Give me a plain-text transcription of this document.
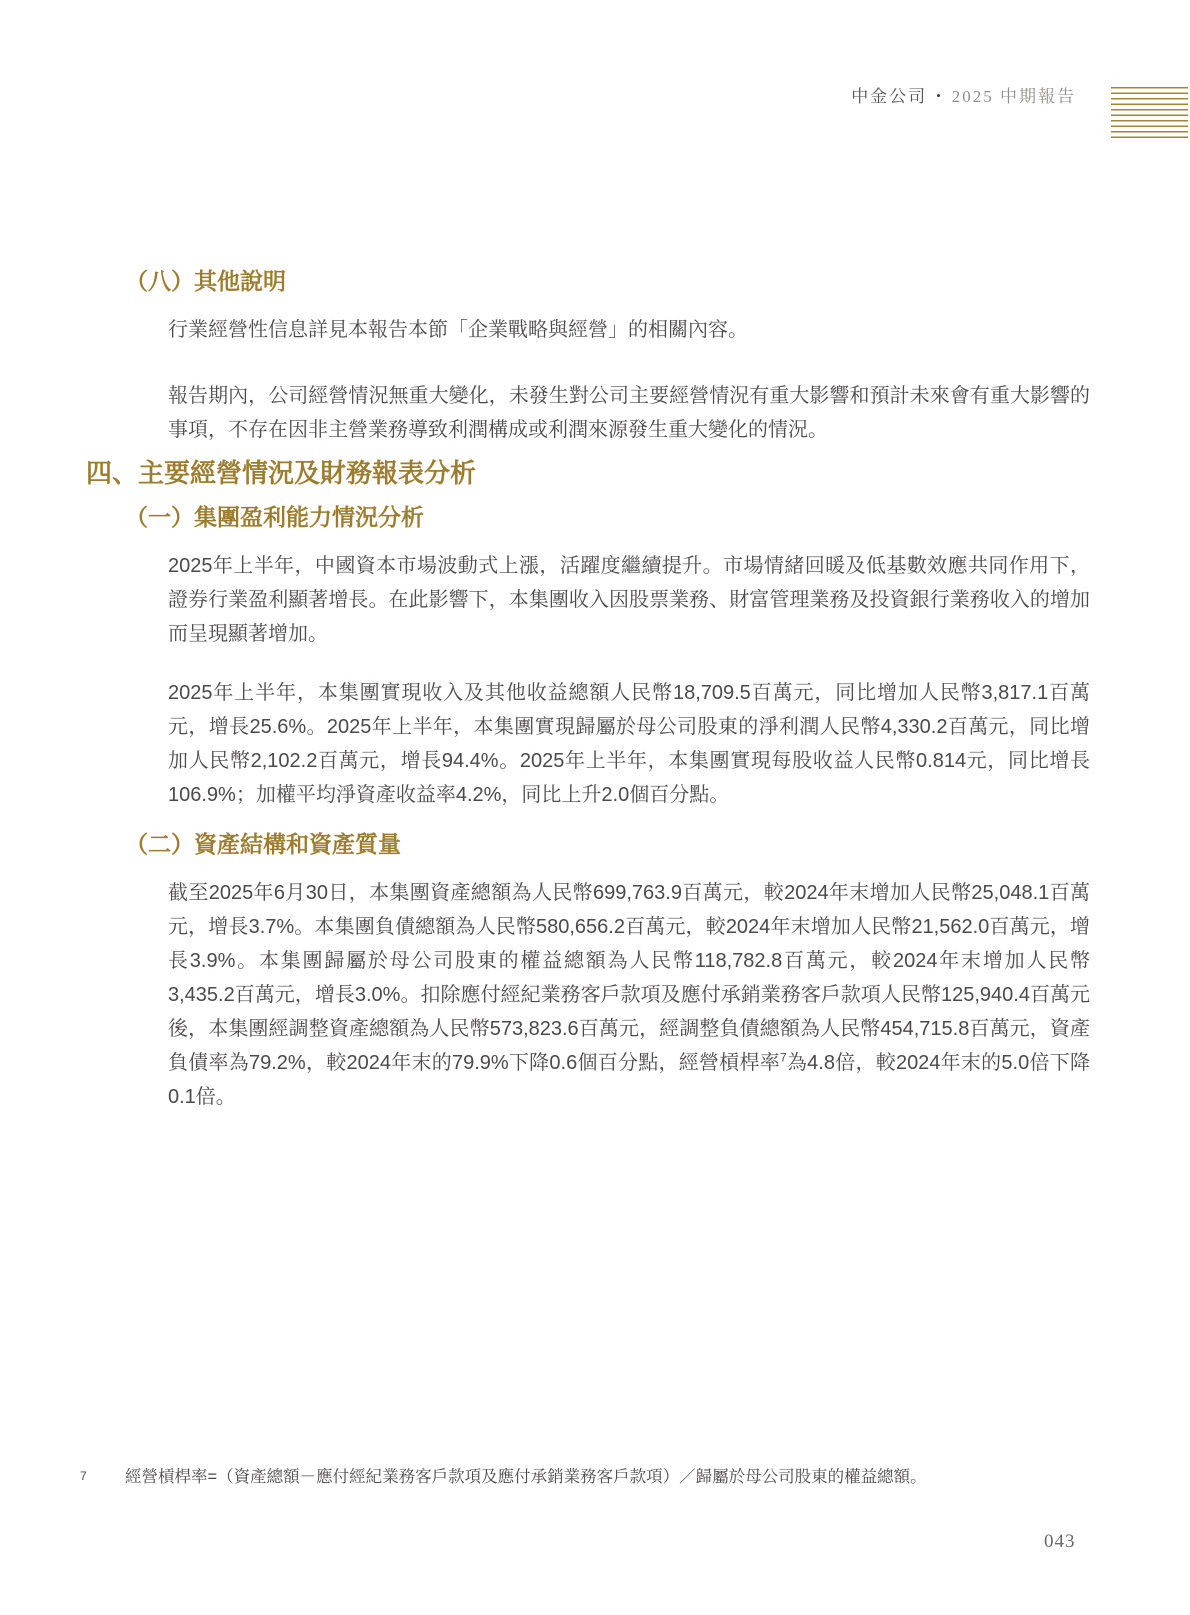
中金公司 • 2025 中期報告
（八）其他說明

行業經營性信息詳見本報告本節「企業戰略與經營」的相關內容。

報告期內，公司經營情況無重大變化，未發生對公司主要經營情況有重大影響和預計未來會有重大影響的事項，不存在因非主營業務導致利潤構成或利潤來源發生重大變化的情況。

四、主要經營情況及財務報表分析
（一）集團盈利能力情況分析

2025年上半年，中國資本市場波動式上漲，活躍度繼續提升。市場情緒回暖及低基數效應共同作用下，證券行業盈利顯著增長。在此影響下，本集團收入因股票業務、財富管理業務及投資銀行業務收入的增加而呈現顯著增加。

2025年上半年，本集團實現收入及其他收益總額人民幣18,709.5百萬元，同比增加人民幣3,817.1百萬元，增長25.6%。2025年上半年，本集團實現歸屬於母公司股東的淨利潤人民幣4,330.2百萬元，同比增加人民幣2,102.2百萬元，增長94.4%。2025年上半年，本集團實現每股收益人民幣0.814元，同比增長106.9%；加權平均淨資產收益率4.2%，同比上升2.0個百分點。

（二）資產結構和資產質量

截至2025年6月30日，本集團資產總額為人民幣699,763.9百萬元，較2024年末增加人民幣25,048.1百萬元，增長3.7%。本集團負債總額為人民幣580,656.2百萬元，較2024年末增加人民幣21,562.0百萬元，增長3.9%。本集團歸屬於母公司股東的權益總額為人民幣118,782.8百萬元，較2024年末增加人民幣3,435.2百萬元，增長3.0%。扣除應付經紀業務客戶款項及應付承銷業務客戶款項人民幣125,940.4百萬元後，本集團經調整資產總額為人民幣573,823.6百萬元，經調整負債總額為人民幣454,715.8百萬元，資產負債率為79.2%，較2024年末的79.9%下降0.6個百分點，經營槓桿率$^7$為4.8倍，較2024年末的5.0倍下降0.1倍。

7	經營槓桿率=（資產總額－應付經紀業務客戶款項及應付承銷業務客戶款項）／歸屬於母公司股東的權益總額。
043
